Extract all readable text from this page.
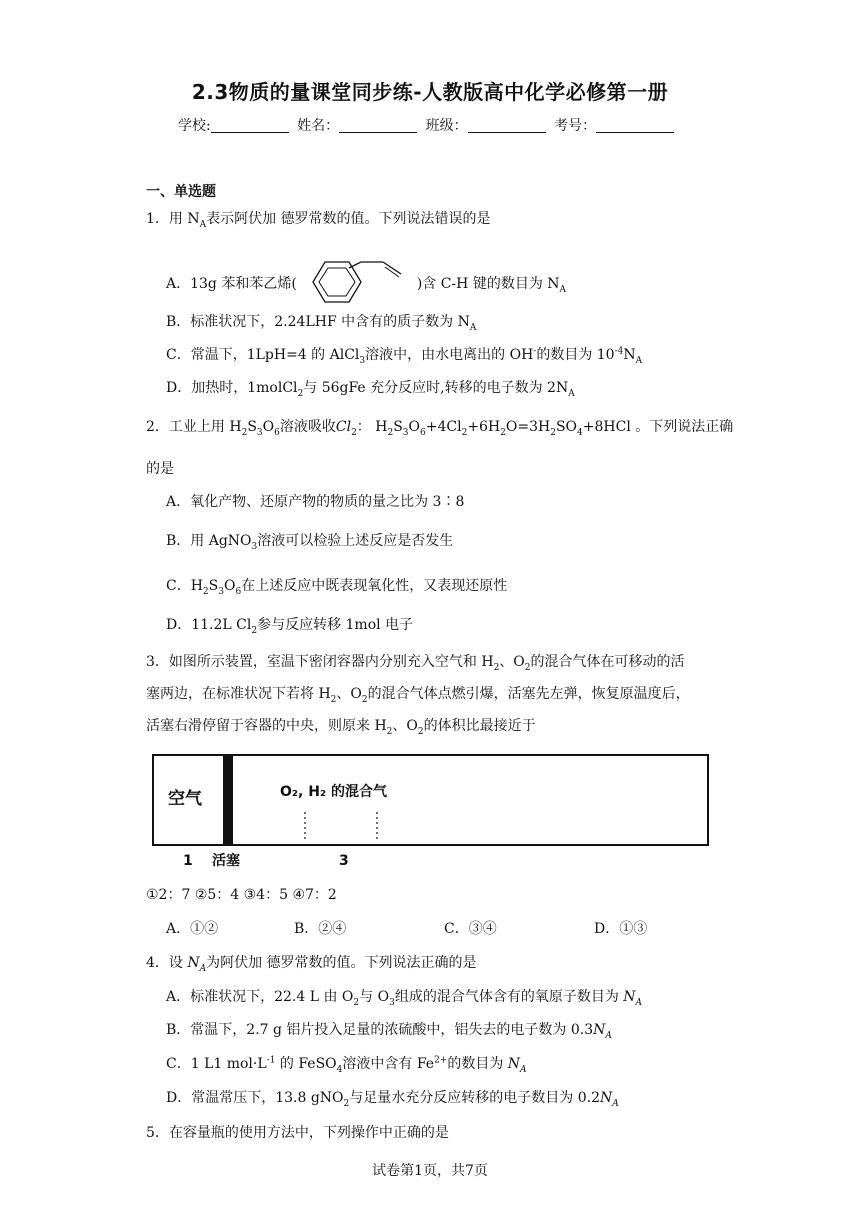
2.3物质的量课堂同步练-人教版高中化学必修第一册
学校:	姓名：	班级：	考号：
一、单选题
1．用 $N_A$表示阿伏加 德罗常数的值。下列说法错误的是
A．13g 苯和苯乙烯(	)含 C-H 键的数目为 $N_A$
B．标准状况下，2.24LHF 中含有的质子数为 $N_A$
C．常温下，1LpH=4 的 AlCl$_3$溶液中，由水电离出的 OH-的数目为 $10^{-4}N_A$
D．加热时，1molCl$_2$与 56gFe 充分反应时,转移的电子数为 $2N_A$
2．工业上用 $H_2S_3O_6$溶液吸收$Cl_2$： $H_2S_3O_6+4Cl_2+6H_2O=3H_2SO_4+8HCl$ 。下列说法正确
的是
A．氧化产物、还原产物的物质的量之比为 3∶8
B．用 AgNO$_3$溶液可以检验上述反应是否发生
C．$H_2S_3O_6$在上述反应中既表现氧化性，又表现还原性
D．11.2L $Cl_2$参与反应转移 1mol 电子
3．如图所示装置，室温下密闭容器内分别充入空气和 $H_2$、$O_2$的混合气体在可移动的活
塞两边，在标准状况下若将 $H_2$、$O_2$的混合气体点燃引爆，活塞先左弹，恢复原温度后，
活塞右滑停留于容器的中央，则原来 $H_2$、$O_2$的体积比最接近于
空气	O₂, H₂ 的混合气
1 活塞	3
①2：7 ②5：4 ③4：5 ④7：2
A．①②	B．②④	C．③④	D．①③
4．设 $N_A$为阿伏加 德罗常数的值。下列说法正确的是
A．标准状况下，22.4 L 由 $O_2$与 $O_3$组成的混合气体含有的氧原子数目为 $N_A$
B．常温下，2.7 g 铝片投入足量的浓硫酸中，铝失去的电子数为 $0.3N_A$
C．1 L1 $mol\cdot L^{-1}$ 的 FeSO$_4$溶液中含有 $Fe^{2+}$的数目为 $N_A$
D．常温常压下，13.8 gNO$_2$与足量水充分反应转移的电子数目为 $0.2N_A$
5．在容量瓶的使用方法中，下列操作中正确的是
试卷第1页，共7页
